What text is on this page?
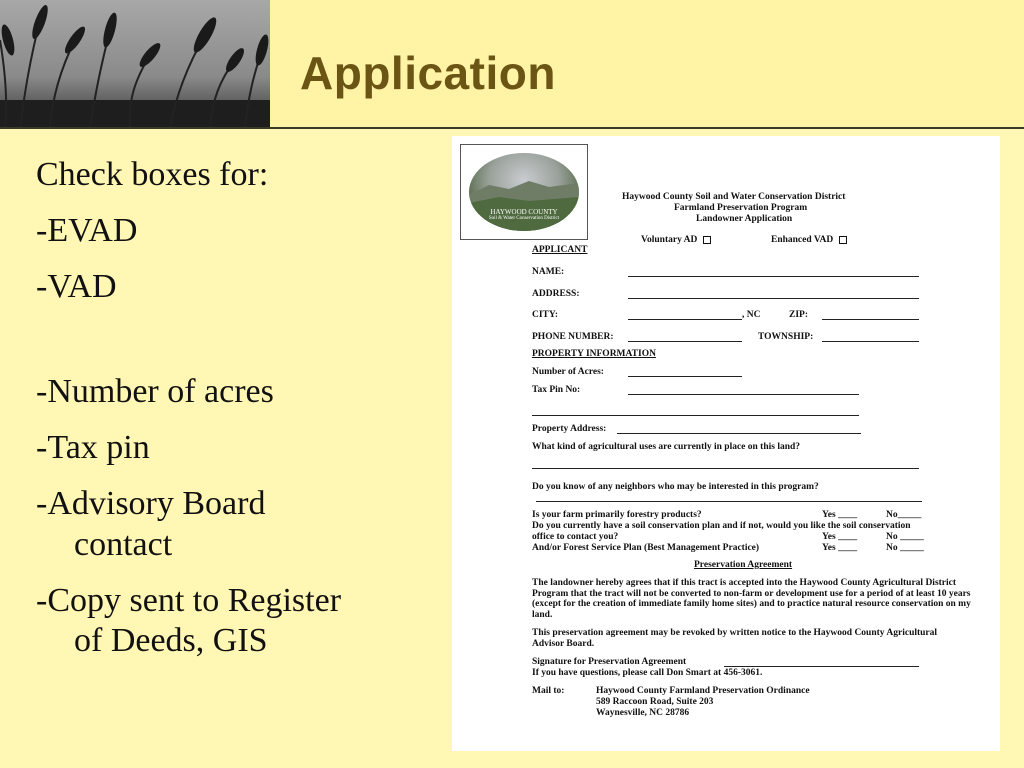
Application
Check boxes for:
-EVAD
-VAD
-Number of acres
-Tax pin
-Advisory Board
contact
-Copy sent to Register
of Deeds, GIS
HAYWOOD COUNTY
Soil & Water Conservation District
Haywood County Soil and Water Conservation District
Farmland Preservation Program
Landowner Application
Voluntary AD	Enhanced VAD
APPLICANT
NAME:
ADDRESS:
CITY:	, NC	ZIP:
PHONE NUMBER:	TOWNSHIP:
PROPERTY INFORMATION
Number of Acres:
Tax Pin No:
Property Address:
What kind of agricultural uses are currently in place on this land?
Do you know of any neighbors who may be interested in this program?
Is your farm primarily forestry products?	Yes ____	No_____
Do you currently have a soil conservation plan and if not, would you like the soil conservation
office to contact you?	Yes ____	No _____
And/or Forest Service Plan (Best Management Practice)	Yes ____	No _____
Preservation Agreement
The landowner hereby agrees that if this tract is accepted into the Haywood County Agricultural District Program that the tract will not be converted to non-farm or development use for a period of at least 10 years (except for the creation of immediate family home sites) and to practice natural resource conservation on my land.
This preservation agreement may be revoked by written notice to the Haywood County Agricultural Advisor Board.
Signature for Preservation Agreement
If you have questions, please call Don Smart at 456-3061.
Mail to:	Haywood County Farmland Preservation Ordinance
589 Raccoon Road, Suite 203
Waynesville, NC 28786
